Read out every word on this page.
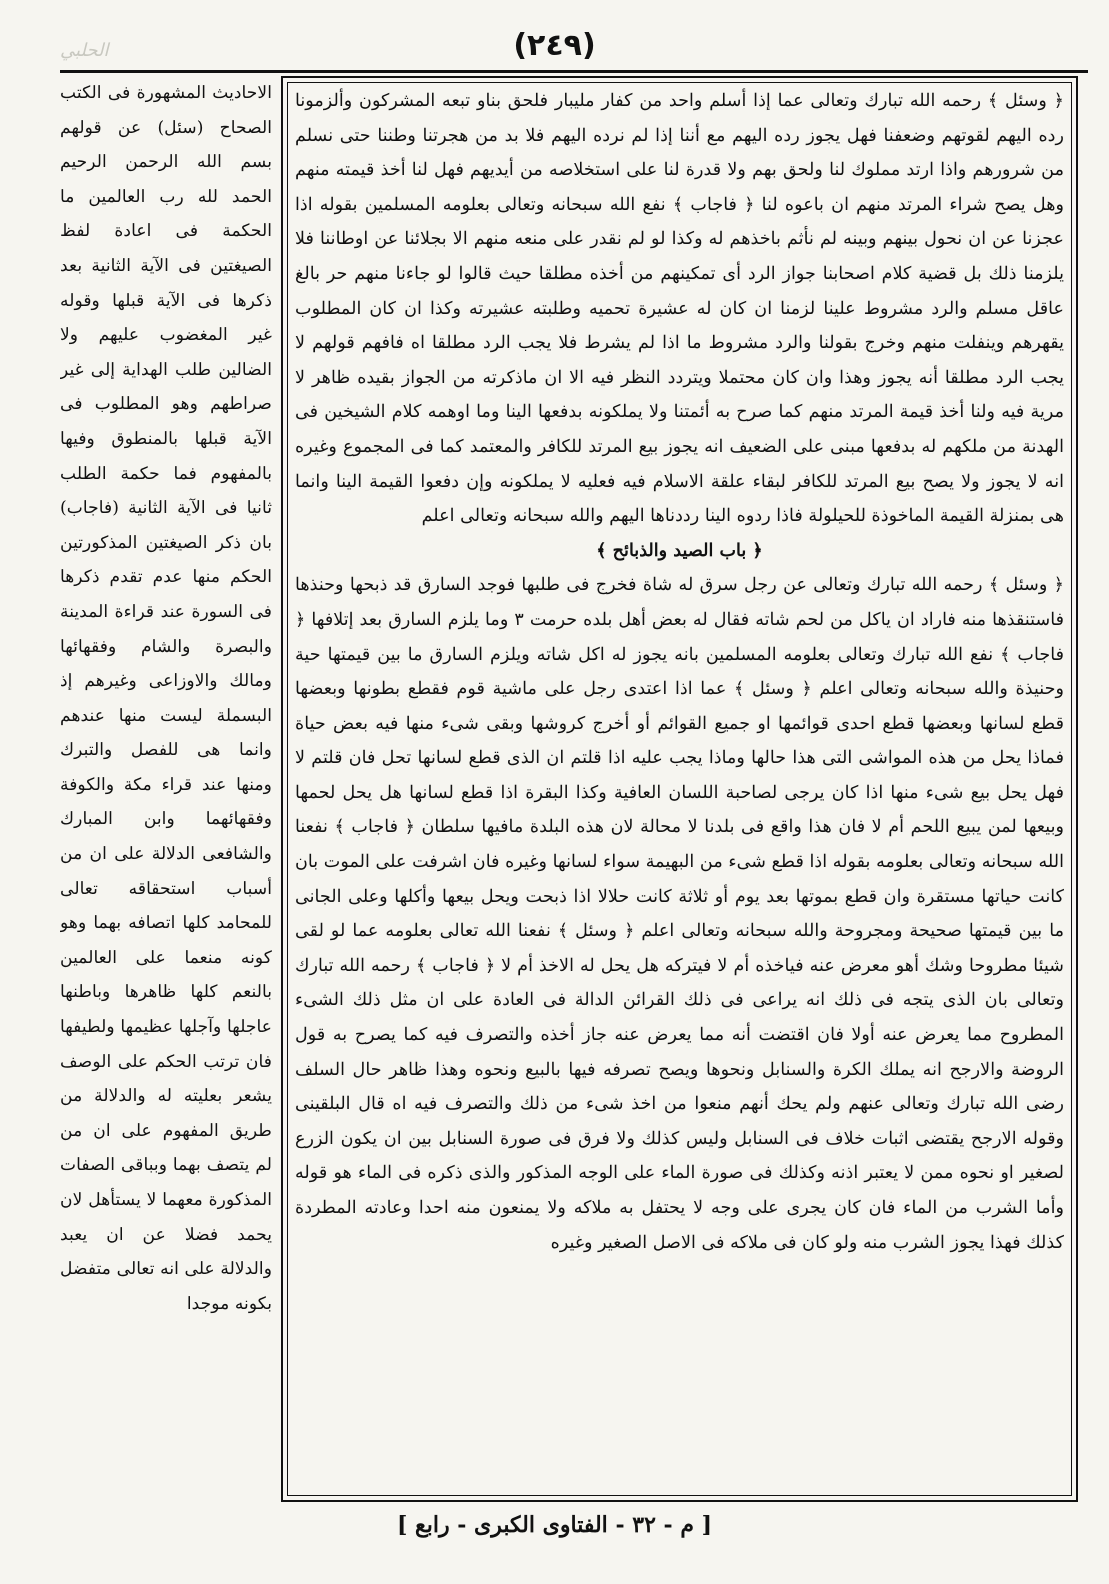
ﺍﻟﺤﻠﺒﻲ	(٢٤٩)

﴿ وسئل ﴾ رحمه الله تبارك وتعالى عما إذا أسلم واحد من كفار مليبار فلحق بناو تبعه المشركون وألزمونا رده اليهم لقوتهم وضعفنا فهل يجوز رده اليهم مع أننا إذا لم نرده اليهم فلا بد من هجرتنا وطننا حتى نسلم من شرورهم واذا ارتد مملوك لنا ولحق بهم ولا قدرة لنا على استخلاصه من أيديهم فهل لنا أخذ قيمته منهم وهل يصح شراء المرتد منهم ان باعوه لنا ﴿ فاجاب ﴾ نفع الله سبحانه وتعالى بعلومه المسلمين بقوله اذا عجزنا عن ان نحول بينهم وبينه لم نأثم باخذهم له وكذا لو لم نقدر على منعه منهم الا بجلائنا عن اوطاننا فلا يلزمنا ذلك بل قضية كلام اصحابنا جواز الرد أى تمكينهم من أخذه مطلقا حيث قالوا لو جاءنا منهم حر بالغ عاقل مسلم والرد مشروط علينا لزمنا ان كان له عشيرة تحميه وطلبته عشيرته وكذا ان كان المطلوب يقهرهم وينفلت منهم وخرج بقولنا والرد مشروط ما اذا لم يشرط فلا يجب الرد مطلقا اه فافهم قولهم لا يجب الرد مطلقا أنه يجوز وهذا وان كان محتملا ويتردد النظر فيه الا ان ماذكرته من الجواز بقيده ظاهر لا مرية فيه ولنا أخذ قيمة المرتد منهم كما صرح به أئمتنا ولا يملكونه بدفعها الينا وما اوهمه كلام الشيخين فى الهدنة من ملكهم له بدفعها مبنى على الضعيف انه يجوز بيع المرتد للكافر والمعتمد كما فى المجموع وغيره انه لا يجوز ولا يصح بيع المرتد للكافر لبقاء علقة الاسلام فيه فعليه لا يملكونه وإن دفعوا القيمة الينا وانما هى بمنزلة القيمة الماخوذة للحيلولة فاذا ردوه الينا رددناها اليهم والله سبحانه وتعالى اعلم

﴿ باب الصيد والذبائح ﴾

﴿ وسئل ﴾ رحمه الله تبارك وتعالى عن رجل سرق له شاة فخرج فى طلبها فوجد السارق قد ذبحها وحنذها فاستنقذها منه فاراد ان ياكل من لحم شاته فقال له بعض أهل بلده حرمت ٣ وما يلزم السارق بعد إتلافها ﴿ فاجاب ﴾ نفع الله تبارك وتعالى بعلومه المسلمين بانه يجوز له اكل شاته ويلزم السارق ما بين قيمتها حية وحنيذة والله سبحانه وتعالى اعلم ﴿ وسئل ﴾ عما اذا اعتدى رجل على ماشية قوم فقطع بطونها وبعضها قطع لسانها وبعضها قطع احدى قوائمها او جميع القوائم أو أخرج كروشها وبقى شىء منها فيه بعض حياة فماذا يحل من هذه المواشى التى هذا حالها وماذا يجب عليه اذا قلتم ان الذى قطع لسانها تحل فان قلتم لا فهل يحل بيع شىء منها اذا كان يرجى لصاحبة اللسان العافية وكذا البقرة اذا قطع لسانها هل يحل لحمها وبيعها لمن يبيع اللحم أم لا فان هذا واقع فى بلدنا لا محالة لان هذه البلدة مافيها سلطان ﴿ فاجاب ﴾ نفعنا الله سبحانه وتعالى بعلومه بقوله اذا قطع شىء من البهيمة سواء لسانها وغيره فان اشرفت على الموت بان كانت حياتها مستقرة وان قطع بموتها بعد يوم أو ثلاثة كانت حلالا اذا ذبحت ويحل بيعها وأكلها وعلى الجانى ما بين قيمتها صحيحة ومجروحة والله سبحانه وتعالى اعلم ﴿ وسئل ﴾ نفعنا الله تعالى بعلومه عما لو لقى شيئا مطروحا وشك أهو معرض عنه فياخذه أم لا فيتركه هل يحل له الاخذ أم لا ﴿ فاجاب ﴾ رحمه الله تبارك وتعالى بان الذى يتجه فى ذلك انه يراعى فى ذلك القرائن الدالة فى العادة على ان مثل ذلك الشىء المطروح مما يعرض عنه أولا فان اقتضت أنه مما يعرض عنه جاز أخذه والتصرف فيه كما يصرح به قول الروضة والارجح انه يملك الكرة والسنابل ونحوها ويصح تصرفه فيها بالبيع ونحوه وهذا ظاهر حال السلف رضى الله تبارك وتعالى عنهم ولم يحك أنهم منعوا من اخذ شىء من ذلك والتصرف فيه اه قال البلقينى وقوله الارجح يقتضى اثبات خلاف فى السنابل وليس كذلك ولا فرق فى صورة السنابل بين ان يكون الزرع لصغير او نحوه ممن لا يعتبر اذنه وكذلك فى صورة الماء على الوجه المذكور والذى ذكره فى الماء هو قوله وأما الشرب من الماء فان كان يجرى على وجه لا يحتفل به ملاكه ولا يمنعون منه احدا وعادته المطردة كذلك فهذا يجوز الشرب منه ولو كان فى ملاكه فى الاصل الصغير وغيره

الاحاديث المشهورة فى الكتب الصحاح (سئل) عن قولهم بسم الله الرحمن الرحيم الحمد لله رب العالمين ما الحكمة فى اعادة لفظ الصيغتين فى الآية الثانية بعد ذكرها فى الآية قبلها وقوله غير المغضوب عليهم ولا الضالين طلب الهداية إلى غير صراطهم وهو المطلوب فى الآية قبلها بالمنطوق وفيها بالمفهوم فما حكمة الطلب ثانيا فى الآية الثانية (فاجاب) بان ذكر الصيغتين المذكورتين الحكم منها عدم تقدم ذكرها فى السورة عند قراءة المدينة والبصرة والشام وفقهائها ومالك والاوزاعى وغيرهم إذ البسملة ليست منها عندهم وانما هى للفصل والتبرك ومنها عند قراء مكة والكوفة وفقهائهما وابن المبارك والشافعى الدلالة على ان من أسباب استحقاقه تعالى للمحامد كلها اتصافه بهما وهو كونه منعما على العالمين بالنعم كلها ظاهرها وباطنها عاجلها وآجلها عظيمها ولطيفها فان ترتب الحكم على الوصف يشعر بعليته له والدلالة من طريق المفهوم على ان من لم يتصف بهما وبباقى الصفات المذكورة معهما لا يستأهل لان يحمد فضلا عن ان يعبد والدلالة على انه تعالى متفضل بكونه موجدا

[ م - ٣٢ - الفتاوى الكبرى - رابع ]
